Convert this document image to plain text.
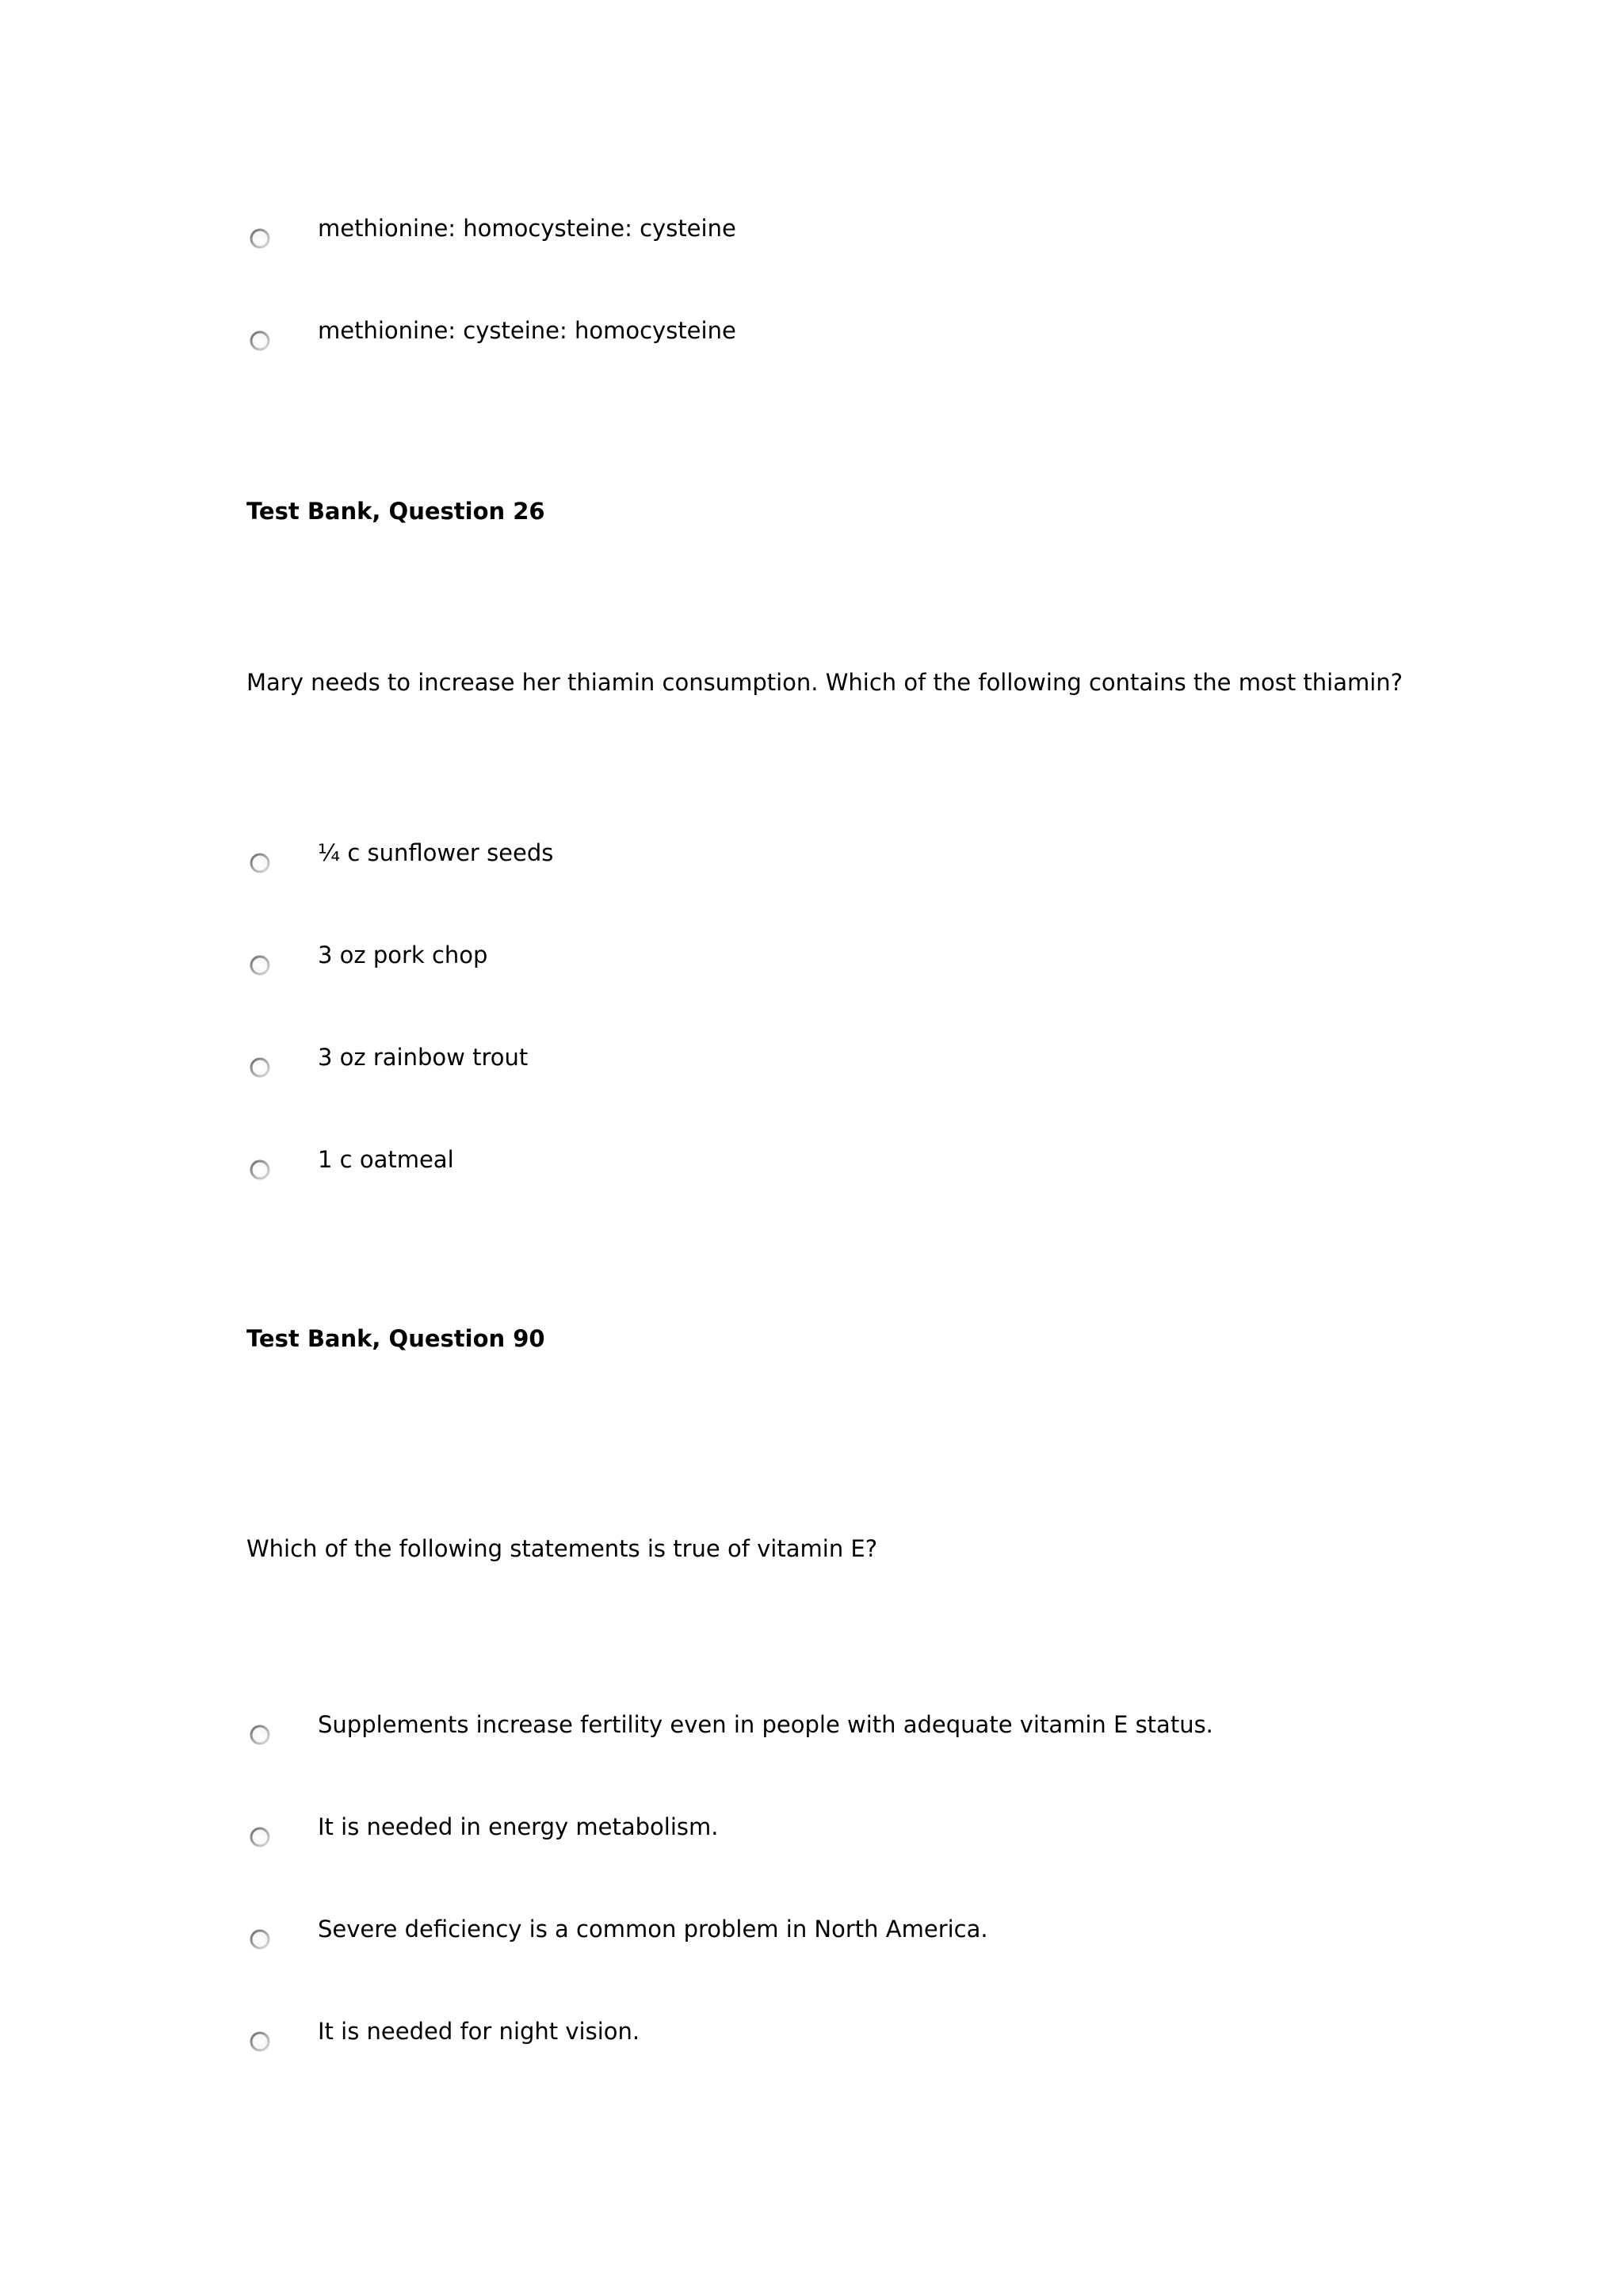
methionine: homocysteine: cysteine
methionine: cysteine: homocysteine
Test Bank, Question 26
Mary needs to increase her thiamin consumption. Which of the following contains the most thiamin?
¼ c sunflower seeds
3 oz pork chop
3 oz rainbow trout
1 c oatmeal
Test Bank, Question 90
Which of the following statements is true of vitamin E?
Supplements increase fertility even in people with adequate vitamin E status.
It is needed in energy metabolism.
Severe deficiency is a common problem in North America.
It is needed for night vision.
